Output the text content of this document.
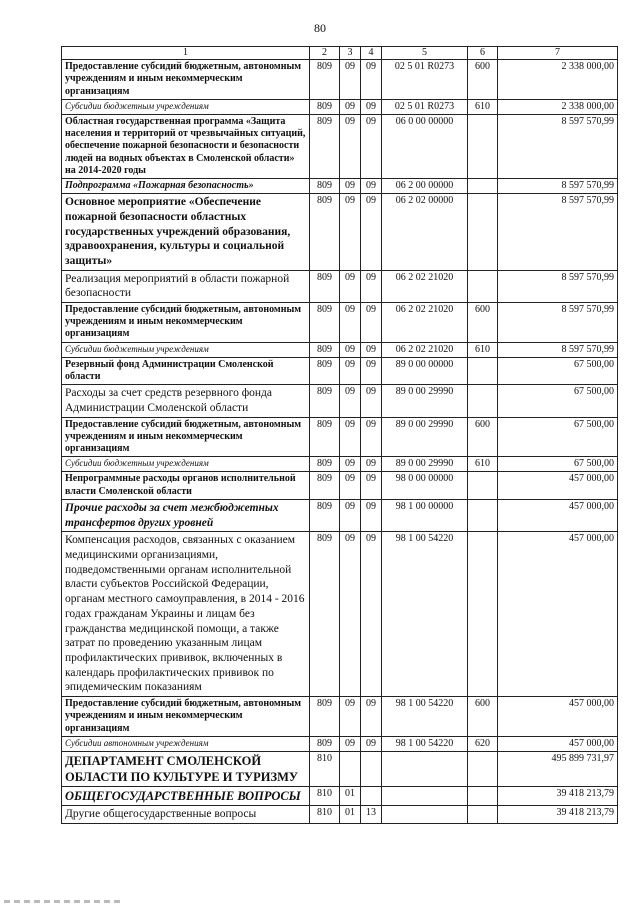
80
1	2	3	4	5	6	7
Предоставление субсидий бюджетным, автономным учреждениям и иным некоммерческим организациям	809	09	09	02 5 01 R0273	600	2 338 000,00
Субсидии бюджетным учреждениям	809	09	09	02 5 01 R0273	610	2 338 000,00
Областная государственная программа «Защита населения и территорий от чрезвычайных ситуаций, обеспечение пожарной безопасности и безопасности людей на водных объектах в Смоленской области» на 2014-2020 годы	809	09	09	06 0 00 00000		8 597 570,99
Подпрограмма «Пожарная безопасность»	809	09	09	06 2 00 00000		8 597 570,99
Основное мероприятие «Обеспечение пожарной безопасности областных государственных учреждений образования, здравоохранения, культуры и социальной защиты»	809	09	09	06 2 02 00000		8 597 570,99
Реализация мероприятий в области пожарной безопасности	809	09	09	06 2 02 21020		8 597 570,99
Предоставление субсидий бюджетным, автономным учреждениям и иным некоммерческим организациям	809	09	09	06 2 02 21020	600	8 597 570,99
Субсидии бюджетным учреждениям	809	09	09	06 2 02 21020	610	8 597 570,99
Резервный фонд Администрации Смоленской области	809	09	09	89 0 00 00000		67 500,00
Расходы за счет средств резервного фонда Администрации Смоленской области	809	09	09	89 0 00 29990		67 500,00
Предоставление субсидий бюджетным, автономным учреждениям и иным некоммерческим организациям	809	09	09	89 0 00 29990	600	67 500,00
Субсидии бюджетным учреждениям	809	09	09	89 0 00 29990	610	67 500,00
Непрограммные расходы органов исполнительной власти Смоленской области	809	09	09	98 0 00 00000		457 000,00
Прочие расходы за счет межбюджетных трансфертов других уровней	809	09	09	98 1 00 00000		457 000,00
Компенсация расходов, связанных с оказанием медицинскими организациями, подведомственными органам исполнительной власти субъектов Российской Федерации, органам местного самоуправления, в 2014 - 2016 годах гражданам Украины и лицам без гражданства медицинской помощи, а также затрат по проведению указанным лицам профилактических прививок, включенных в календарь профилактических прививок по эпидемическим показаниям	809	09	09	98 1 00 54220		457 000,00
Предоставление субсидий бюджетным, автономным учреждениям и иным некоммерческим организациям	809	09	09	98 1 00 54220	600	457 000,00
Субсидии автономным учреждениям	809	09	09	98 1 00 54220	620	457 000,00
ДЕПАРТАМЕНТ СМОЛЕНСКОЙ ОБЛАСТИ ПО КУЛЬТУРЕ И ТУРИЗМУ	810					495 899 731,97
ОБЩЕГОСУДАРСТВЕННЫЕ ВОПРОСЫ	810	01				39 418 213,79
Другие общегосударственные вопросы	810	01	13			39 418 213,79
